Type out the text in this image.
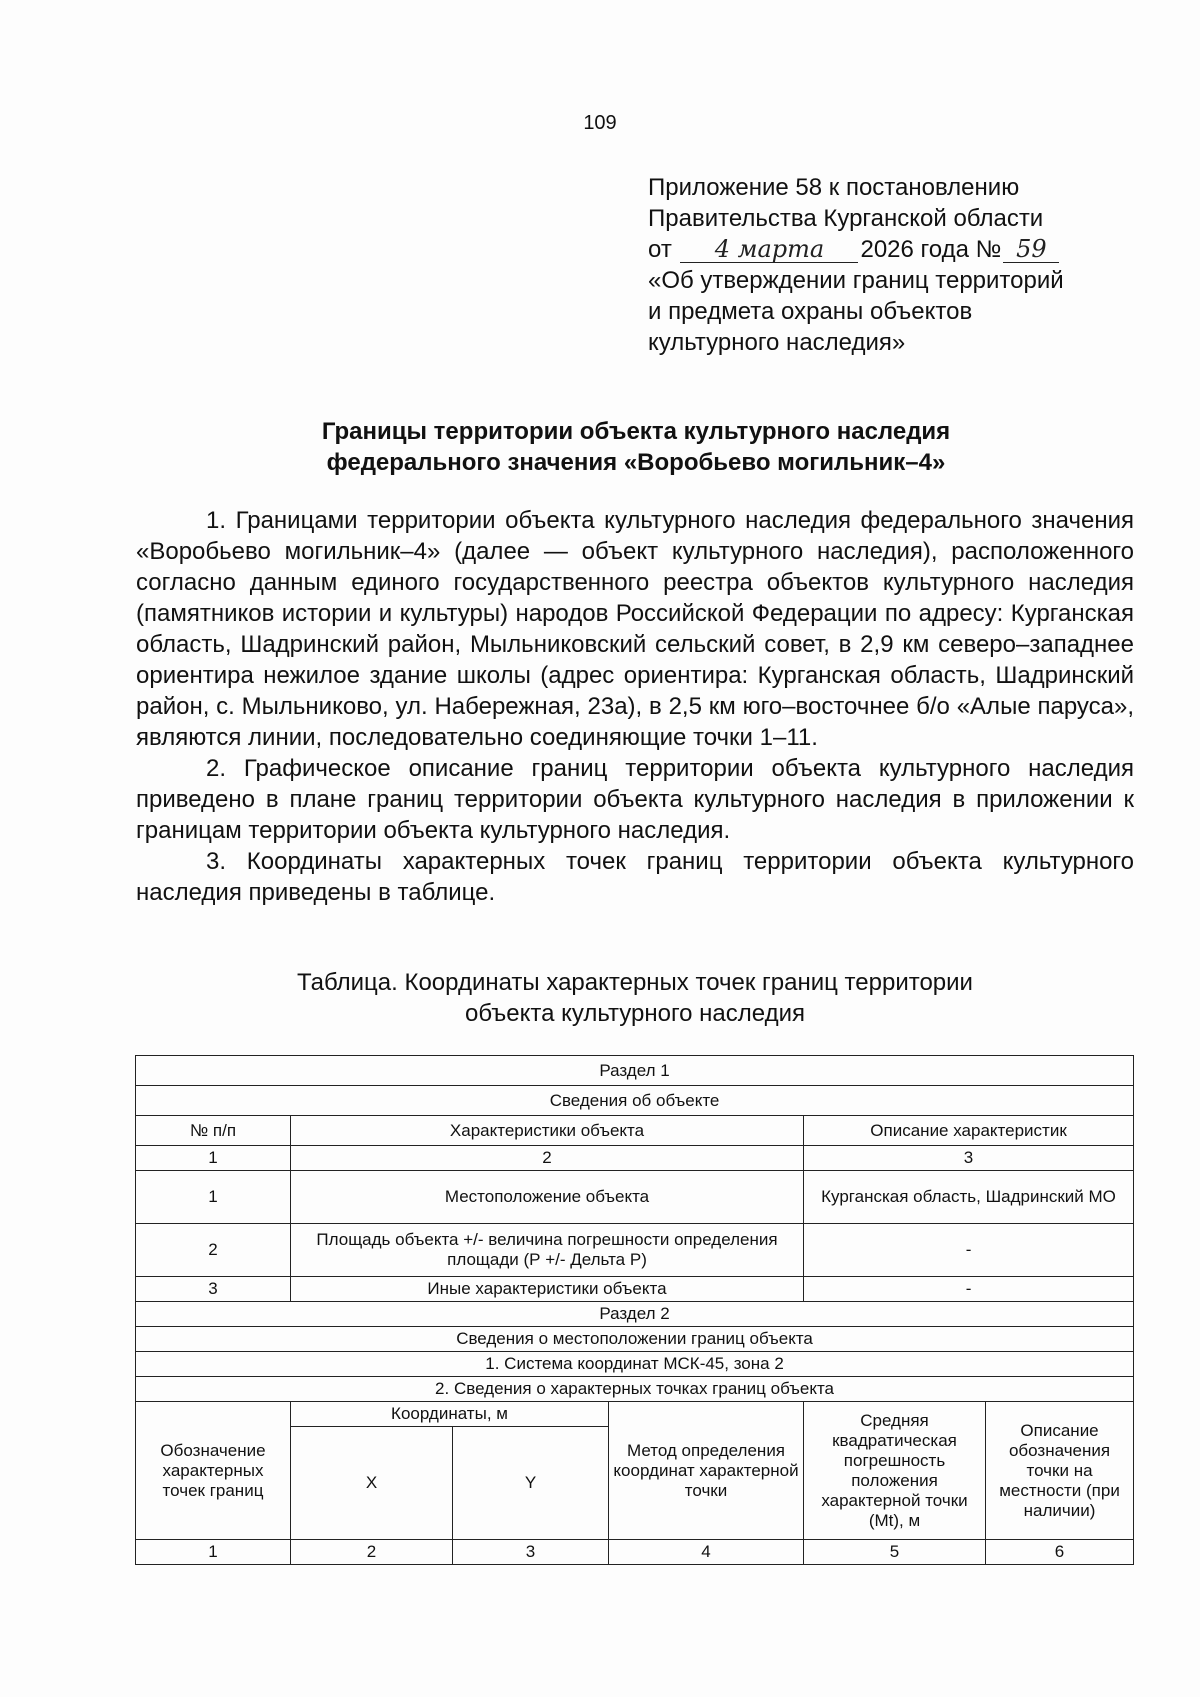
109
Приложение 58 к постановлению
Правительства Курганской области
от 4 марта 2026 года № 59
«Об утверждении границ территорий
и предмета охраны объектов
культурного наследия»
Границы территории объекта культурного наследия
федерального значения «Воробьево могильник–4»

1. Границами территории объекта культурного наследия федерального значения «Воробьево могильник–4» (далее — объект культурного наследия), расположенного согласно данным единого государственного реестра объектов культурного наследия (памятников истории и культуры) народов Российской Федерации по адресу: Курганская область, Шадринский район, Мыльниковский сельский совет, в 2,9 км северо–западнее ориентира нежилое здание школы (адрес ориентира: Курганская область, Шадринский район, с. Мыльниково, ул. Набережная, 23а), в 2,5 км юго–восточнее б/о «Алые паруса», являются линии, последовательно соединяющие точки 1–11.

2. Графическое описание границ территории объекта культурного наследия приведено в плане границ территории объекта культурного наследия в приложении к границам территории объекта культурного наследия.

3. Координаты характерных точек границ территории объекта культурного наследия приведены в таблице.

Таблица. Координаты характерных точек границ территории
объекта культурного наследия
Раздел 1					
Сведения об объекте					
№ п/п	Характеристики объекта			Описание характеристик	
1	2			3	
1	Местоположение объекта			Курганская область, Шадринский МО	
2	Площадь объекта +/- величина погрешности определения площади (Р +/- Дельта Р)			-	
3	Иные характеристики объекта			-	
Раздел 2					
Сведения о местоположении границ объекта					
1. Система координат МСК-45, зона 2					
2. Сведения о характерных точках границ объекта					
Обозначение характерных точек границ	Координаты, м		Метод определения координат характерной точки	Средняя квадратическая погрешность положения характерной точки (Mt), м	Описание обозначения точки на местности (при наличии)
	X	Y			
1	2	3	4	5	6
